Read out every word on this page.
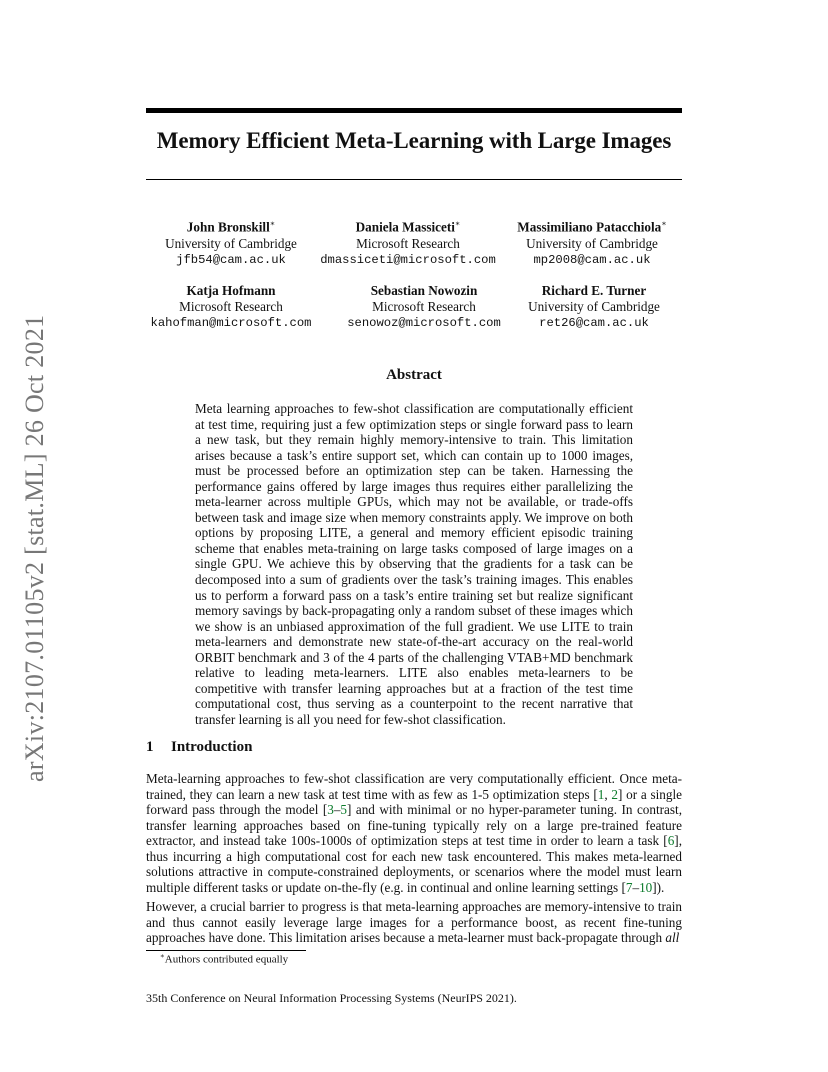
Memory Efficient Meta-Learning with Large Images
John Bronskill∗
University of Cambridge
jfb54@cam.ac.uk
Daniela Massiceti∗
Microsoft Research
dmassiceti@microsoft.com
Massimiliano Patacchiola∗
University of Cambridge
mp2008@cam.ac.uk
Katja Hofmann
Microsoft Research
kahofman@microsoft.com
Sebastian Nowozin
Microsoft Research
senowoz@microsoft.com
Richard E. Turner
University of Cambridge
ret26@cam.ac.uk
arXiv:2107.01105v2 [stat.ML] 26 Oct 2021	Abstract

Meta learning approaches to few-shot classification are computationally efficient at test time, requiring just a few optimization steps or single forward pass to learn a new task, but they remain highly memory-intensive to train. This limitation arises because a task’s entire support set, which can contain up to 1000 images, must be processed before an optimization step can be taken. Harnessing the performance gains offered by large images thus requires either parallelizing the meta-learner across multiple GPUs, which may not be available, or trade-offs between task and image size when memory constraints apply. We improve on both options by proposing LITE, a general and memory efficient episodic training scheme that enables meta-training on large tasks composed of large images on a single GPU. We achieve this by observing that the gradients for a task can be decomposed into a sum of gradients over the task’s training images. This enables us to perform a forward pass on a task’s entire training set but realize significant memory savings by back-propagating only a random subset of these images which we show is an unbiased approximation of the full gradient. We use LITE to train meta-learners and demonstrate new state-of-the-art accuracy on the real-world ORBIT benchmark and 3 of the 4 parts of the challenging VTAB+MD benchmark relative to leading meta-learners. LITE also enables meta-learners to be competitive with transfer learning approaches but at a fraction of the test time computational cost, thus serving as a counterpoint to the recent narrative that transfer learning is all you need for few-shot classification.

1 Introduction

Meta-learning approaches to few-shot classification are very computationally efficient. Once meta-trained, they can learn a new task at test time with as few as 1-5 optimization steps [1, 2] or a single forward pass through the model [3–5] and with minimal or no hyper-parameter tuning. In contrast, transfer learning approaches based on fine-tuning typically rely on a large pre-trained feature extractor, and instead take 100s-1000s of optimization steps at test time in order to learn a task [6], thus incurring a high computational cost for each new task encountered. This makes meta-learned solutions attractive in compute-constrained deployments, or scenarios where the model must learn multiple different tasks or update on-the-fly (e.g. in continual and online learning settings [7–10]).

However, a crucial barrier to progress is that meta-learning approaches are memory-intensive to train and thus cannot easily leverage large images for a performance boost, as recent fine-tuning approaches have done. This limitation arises because a meta-learner must back-propagate through all

∗Authors contributed equally
35th Conference on Neural Information Processing Systems (NeurIPS 2021).
